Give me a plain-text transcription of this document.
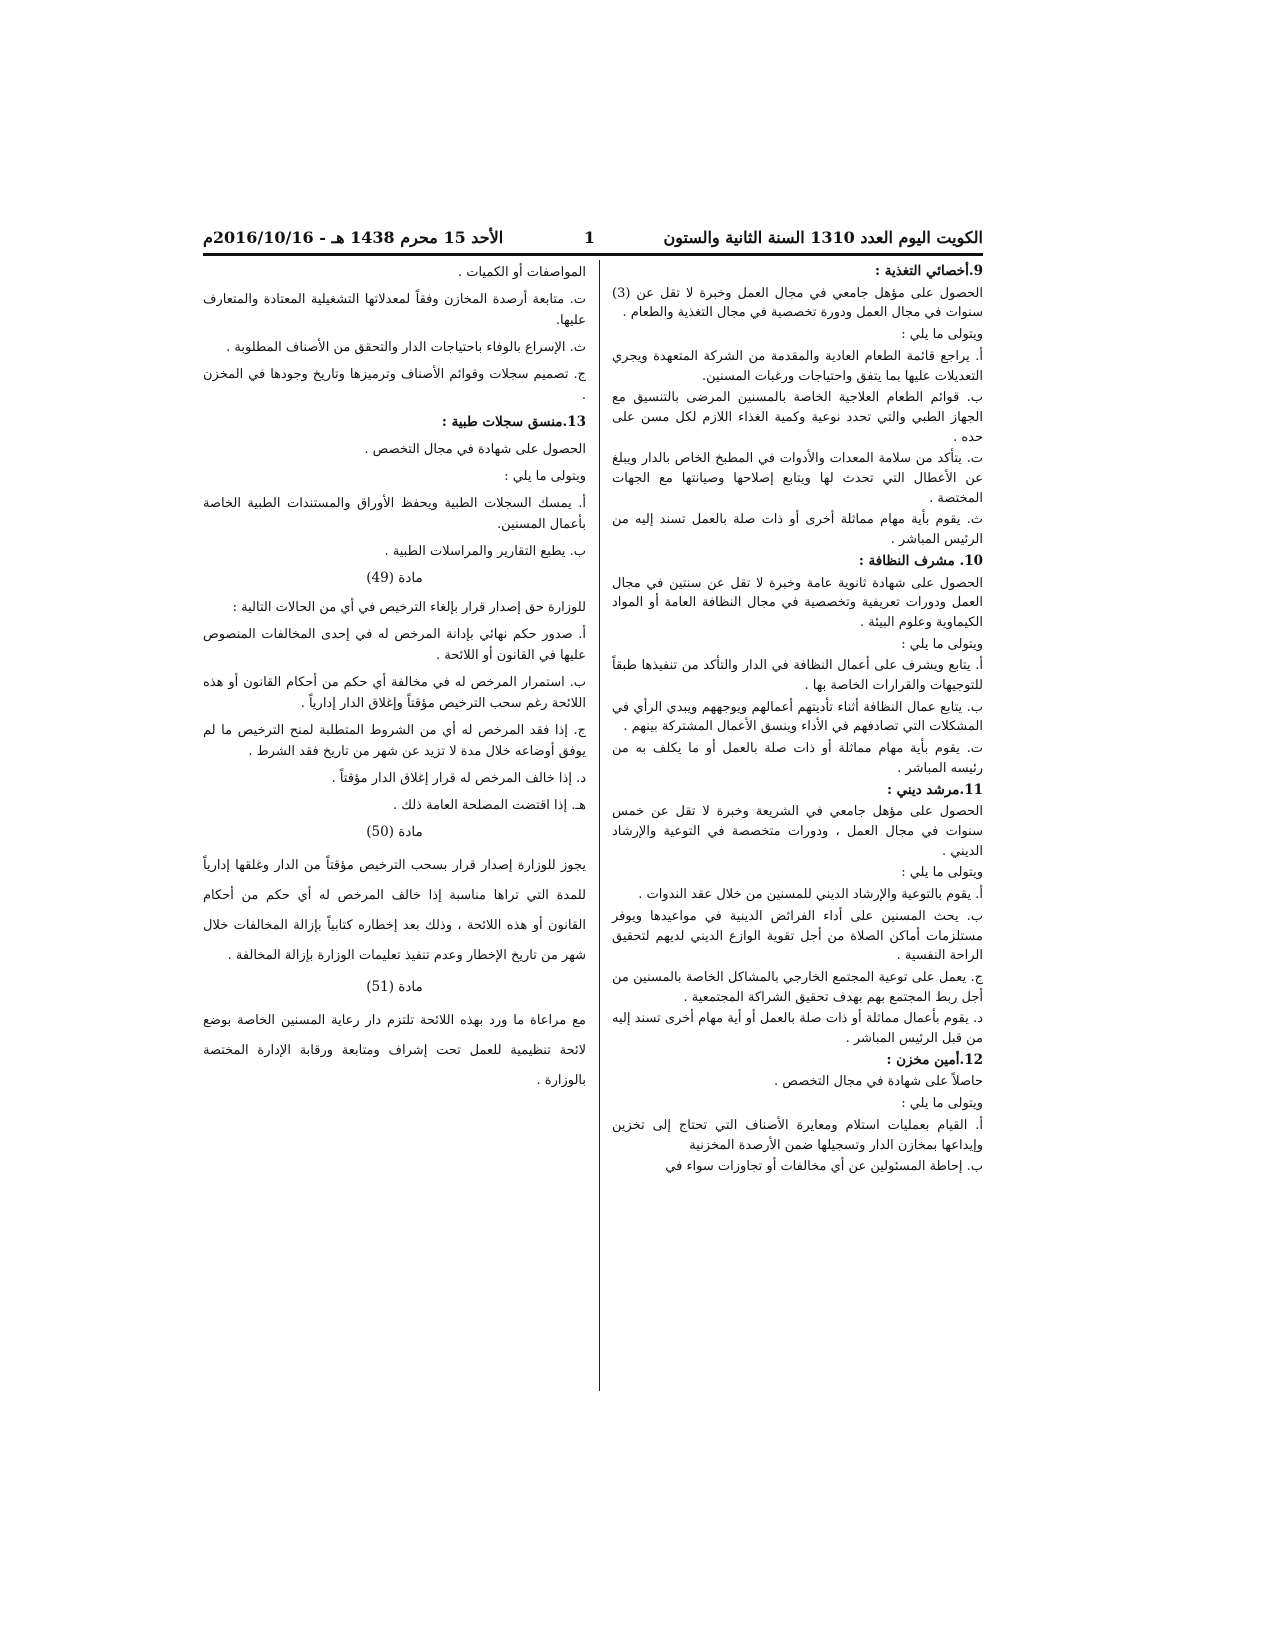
الكويت اليوم العدد 1310 السنة الثانية والستون
1
الأحد 15 محرم 1438 هـ - 2016/10/16م

9.أخصائي التغذية :

الحصول على مؤهل جامعي في مجال العمل وخبرة لا تقل عن (3) سنوات في مجال العمل ودورة تخصصية في مجال التغذية والطعام .

ويتولى ما يلي :

أ. يراجع قائمة الطعام العادية والمقدمة من الشركة المتعهدة ويجري التعديلات عليها بما يتفق واحتياجات ورغبات المسنين.

ب. قوائم الطعام العلاجية الخاصة بالمسنين المرضى بالتنسيق مع الجهاز الطبي والتي تحدد نوعية وكمية الغذاء اللازم لكل مسن على حده .

ت. يتأكد من سلامة المعدات والأدوات في المطبخ الخاص بالدار ويبلغ عن الأعطال التي تحدث لها ويتابع إصلاحها وصيانتها مع الجهات المختصة .

ث. يقوم بأية مهام مماثلة أخرى أو ذات صلة بالعمل تسند إليه من الرئيس المباشر .

10. مشرف النظافة :

الحصول على شهادة ثانوية عامة وخبرة لا تقل عن سنتين في مجال العمل ودورات تعريفية وتخصصية في مجال النظافة العامة أو المواد الكيماوية وعلوم البيئة .

ويتولى ما يلي :

أ. يتابع ويشرف على أعمال النظافة في الدار والتأكد من تنفيذها طبقاً للتوجيهات والقرارات الخاصة بها .

ب. يتابع عمال النظافة أثناء تأديتهم أعمالهم ويوجههم ويبدي الرأي في المشكلات التي تصادفهم في الأداء وينسق الأعمال المشتركة بينهم .

ت. يقوم بأية مهام مماثلة أو ذات صلة بالعمل أو ما يكلف به من رئيسه المباشر .

11.مرشد ديني :

الحصول على مؤهل جامعي في الشريعة وخبرة لا تقل عن خمس سنوات في مجال العمل ، ودورات متخصصة في التوعية والإرشاد الديني .

ويتولى ما يلي :

أ. يقوم بالتوعية والإرشاد الديني للمسنين من خلال عقد الندوات .

ب. يحث المسنين على أداء الفرائض الدينية في مواعيدها ويوفر مستلزمات أماكن الصلاة من أجل تقوية الوازع الديني لديهم لتحقيق الراحة النفسية .

ج. يعمل على توعية المجتمع الخارجي بالمشاكل الخاصة بالمسنين من أجل ربط المجتمع بهم بهدف تحقيق الشراكة المجتمعية .

د. يقوم بأعمال مماثلة أو ذات صلة بالعمل أو أية مهام أخرى تسند إليه من قبل الرئيس المباشر .

12.أمين مخزن :

حاصلاً على شهادة في مجال التخصص .

ويتولى ما يلي :

أ. القيام بعمليات استلام ومعايرة الأصناف التي تحتاج إلى تخزين وإيداعها بمخازن الدار وتسجيلها ضمن الأرصدة المخزنية

ب. إحاطة المسئولين عن أي مخالفات أو تجاوزات سواء في

المواصفات أو الكميات .

ت. متابعة أرصدة المخازن وفقاً لمعدلاتها التشغيلية المعتادة والمتعارف عليها.

ث. الإسراع بالوفاء باحتياجات الدار والتحقق من الأصناف المطلوبة .

ج. تصميم سجلات وقوائم الأصناف وترميزها وتاريخ وجودها في المخزن .

13.منسق سجلات طبية :

الحصول على شهادة في مجال التخصص .

ويتولى ما يلي :

أ. يمسك السجلات الطبية ويحفظ الأوراق والمستندات الطبية الخاصة بأعمال المسنين.

ب. يطبع التقارير والمراسلات الطبية .

مادة (49)

للوزارة حق إصدار قرار بإلغاء الترخيص في أي من الحالات التالية :

أ. صدور حكم نهائي بإدانة المرخص له في إحدى المخالفات المنصوص عليها في القانون أو اللائحة .

ب. استمرار المرخص له في مخالفة أي حكم من أحكام القانون أو هذه اللائحة رغم سحب الترخيص مؤقتاً وإغلاق الدار إدارياً .

ج. إذا فقد المرخص له أي من الشروط المتطلبة لمنح الترخيص ما لم يوفق أوضاعه خلال مدة لا تزيد عن شهر من تاريخ فقد الشرط .

د. إذا خالف المرخص له قرار إغلاق الدار مؤقتاً .

هـ. إذا اقتضت المصلحة العامة ذلك .

مادة (50)

يجوز للوزارة إصدار قرار بسحب الترخيص مؤقتاً من الدار وغلقها إدارياً للمدة التي تراها مناسبة إذا خالف المرخص له أي حكم من أحكام القانون أو هذه اللائحة ، وذلك بعد إخطاره كتابياً بإزالة المخالفات خلال شهر من تاريخ الإخطار وعدم تنفيذ تعليمات الوزارة بإزالة المخالفة .

مادة (51)

مع مراعاة ما ورد بهذه اللائحة تلتزم دار رعاية المسنين الخاصة بوضع لائحة تنظيمية للعمل تحت إشراف ومتابعة ورقابة الإدارة المختصة بالوزارة .
